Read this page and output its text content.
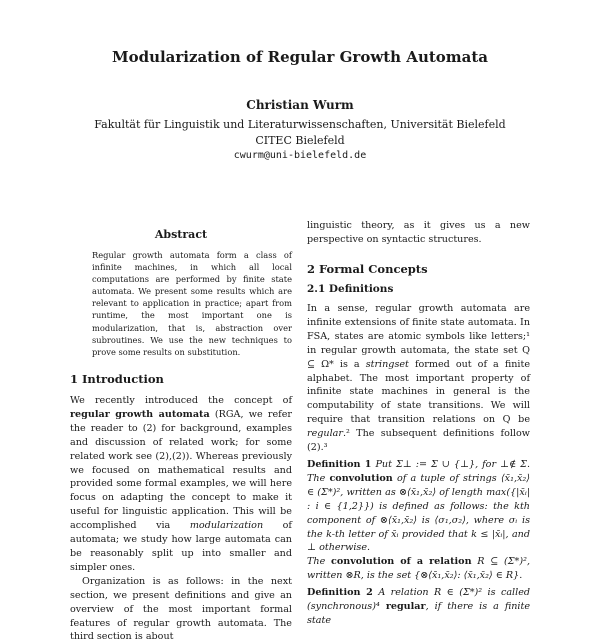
Modularization of Regular Growth Automata
Christian Wurm
Fakultät für Linguistik und Literaturwissenschaften, Universität Bielefeld
CITEC Bielefeld
cwurm@uni-bielefeld.de
Abstract
Regular growth automata form a class of infinite machines, in which all local computations are performed by finite state automata. We present some results which are relevant to application in practice; apart from runtime, the most important one is modularization, that is, abstraction over subroutines. We use the new techniques to prove some results on substitution.
1 Introduction

We recently introduced the concept of regular growth automata (RGA, we refer the reader to (2) for background, examples and discussion of related work; for some related work see (2),(2)). Whereas previously we focused on mathematical results and provided some formal examples, we will here focus on adapting the concept to make it useful for linguistic application. This will be accomplished via modularization of automata; we study how large automata can be reasonably split up into smaller and simpler ones.

Organization is as follows: in the next section, we present definitions and give an overview of the most important formal features of regular growth automata. The third section is about

linguistic theory, as it gives us a new perspective on syntactic structures.
2 Formal Concepts
2.1 Definitions

In a sense, regular growth automata are infinite extensions of finite state automata. In FSA, states are atomic symbols like letters;¹ in regular growth automata, the state set Q ⊆ Ω* is a stringset formed out of a finite alphabet. The most important property of infinite state machines in general is the computability of state transitions. We will require that transition relations on Q be regular.² The subsequent definitions follow (2).³

Definition 1 Put Σ⊥ := Σ ∪ {⊥}, for ⊥∉ Σ. The convolution of a tuple of strings ⟨x̄₁,x̄₂⟩ ∈ (Σ*)², written as ⊗⟨x̄₁,x̄₂⟩ of length max({|x̄ᵢ| : i ∈ {1,2}}) is defined as follows: the kth component of ⊗⟨x̄₁,x̄₂⟩ is ⟨σ₁,σ₂⟩, where σᵢ is the k-th letter of x̄ᵢ provided that k ≤ |x̄ᵢ|, and ⊥ otherwise.

The convolution of a relation R ⊆ (Σ*)², written ⊗R, is the set {⊗⟨x̄₁,x̄₂⟩: ⟨x̄₁,x̄₂⟩ ∈ R}.

Definition 2 A relation R ∈ (Σ*)² is called (synchronous)⁴ regular, if there is a finite state
